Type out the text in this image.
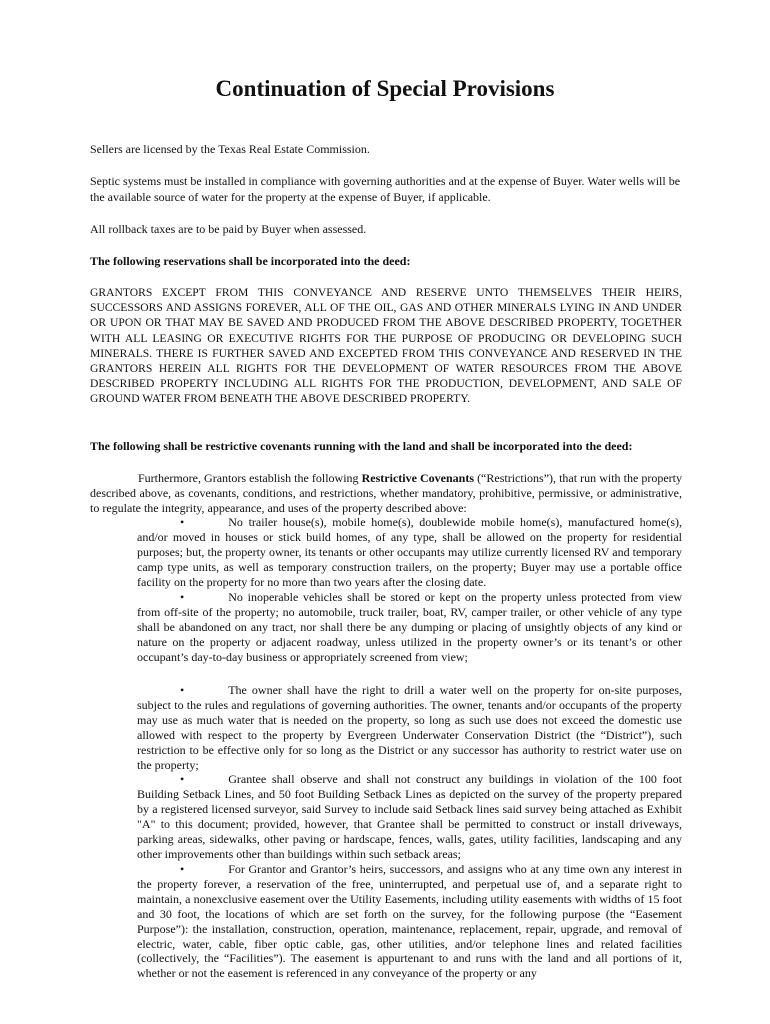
Continuation of Special Provisions

Sellers are licensed by the Texas Real Estate Commission.

Septic systems must be installed in compliance with governing authorities and at the expense of Buyer. Water wells will be the available source of water for the property at the expense of Buyer, if applicable.

All rollback taxes are to be paid by Buyer when assessed.

The following reservations shall be incorporated into the deed:

GRANTORS EXCEPT FROM THIS CONVEYANCE AND RESERVE UNTO THEMSELVES THEIR HEIRS, SUCCESSORS AND ASSIGNS FOREVER, ALL OF THE OIL, GAS AND OTHER MINERALS LYING IN AND UNDER OR UPON OR THAT MAY BE SAVED AND PRODUCED FROM THE ABOVE DESCRIBED PROPERTY, TOGETHER WITH ALL LEASING OR EXECUTIVE RIGHTS FOR THE PURPOSE OF PRODUCING OR DEVELOPING SUCH MINERALS. THERE IS FURTHER SAVED AND EXCEPTED FROM THIS CONVEYANCE AND RESERVED IN THE GRANTORS HEREIN ALL RIGHTS FOR THE DEVELOPMENT OF WATER RESOURCES FROM THE ABOVE DESCRIBED PROPERTY INCLUDING ALL RIGHTS FOR THE PRODUCTION, DEVELOPMENT, AND SALE OF GROUND WATER FROM BENEATH THE ABOVE DESCRIBED PROPERTY.

The following shall be restrictive covenants running with the land and shall be incorporated into the deed:

Furthermore, Grantors establish the following Restrictive Covenants (“Restrictions”), that run with the property described above, as covenants, conditions, and restrictions, whether mandatory, prohibitive, permissive, or administrative, to regulate the integrity, appearance, and uses of the property described above:

•	No trailer house(s), mobile home(s), doublewide mobile home(s), manufactured home(s), and/or moved in houses or stick build homes, of any type, shall be allowed on the property for residential purposes; but, the property owner, its tenants or other occupants may utilize currently licensed RV and temporary camp type units, as well as temporary construction trailers, on the property; Buyer may use a portable office facility on the property for no more than two years after the closing date.

•	No inoperable vehicles shall be stored or kept on the property unless protected from view from off-site of the property; no automobile, truck trailer, boat, RV, camper trailer, or other vehicle of any type shall be abandoned on any tract, nor shall there be any dumping or placing of unsightly objects of any kind or nature on the property or adjacent roadway, unless utilized in the property owner’s or its tenant’s or other occupant’s day-to-day business or appropriately screened from view;

•	The owner shall have the right to drill a water well on the property for on-site purposes, subject to the rules and regulations of governing authorities. The owner, tenants and/or occupants of the property may use as much water that is needed on the property, so long as such use does not exceed the domestic use allowed with respect to the property by Evergreen Underwater Conservation District (the “District”), such restriction to be effective only for so long as the District or any successor has authority to restrict water use on the property;

•	Grantee shall observe and shall not construct any buildings in violation of the 100 foot Building Setback Lines, and 50 foot Building Setback Lines as depicted on the survey of the property prepared by a registered licensed surveyor, said Survey to include said Setback lines said survey being attached as Exhibit "A" to this document; provided, however, that Grantee shall be permitted to construct or install driveways, parking areas, sidewalks, other paving or hardscape, fences, walls, gates, utility facilities, landscaping and any other improvements other than buildings within such setback areas;

•	For Grantor and Grantor’s heirs, successors, and assigns who at any time own any interest in the property forever, a reservation of the free, uninterrupted, and perpetual use of, and a separate right to maintain, a nonexclusive easement over the Utility Easements, including utility easements with widths of 15 foot and 30 foot, the locations of which are set forth on the survey, for the following purpose (the “Easement Purpose”): the installation, construction, operation, maintenance, replacement, repair, upgrade, and removal of electric, water, cable, fiber optic cable, gas, other utilities, and/or telephone lines and related facilities (collectively, the “Facilities”). The easement is appurtenant to and runs with the land and all portions of it, whether or not the easement is referenced in any conveyance of the property or any
